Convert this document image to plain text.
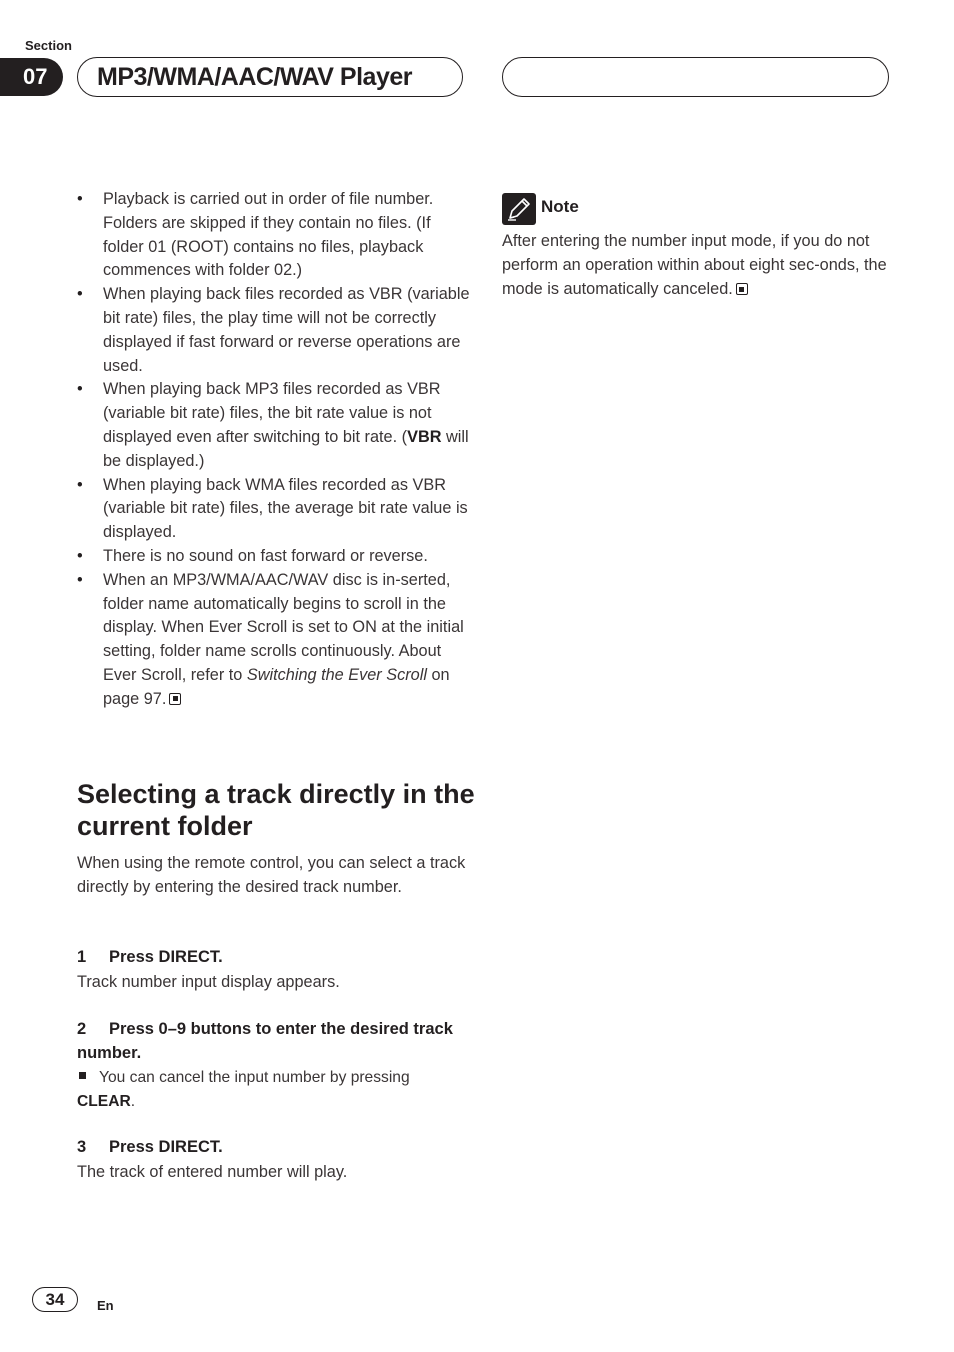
Section
07	MP3/WMA/AAC/WAV Player
• Playback is carried out in order of file number. Folders are skipped if they contain no files. (If folder 01 (ROOT) contains no files, playback commences with folder 02.)
• When playing back files recorded as VBR (variable bit rate) files, the play time will not be correctly displayed if fast forward or reverse operations are used.
• When playing back MP3 files recorded as VBR (variable bit rate) files, the bit rate value is not displayed even after switching to bit rate. (VBR will be displayed.)
• When playing back WMA files recorded as VBR (variable bit rate) files, the average bit rate value is displayed.
• There is no sound on fast forward or reverse.
• When an MP3/WMA/AAC/WAV disc is in-serted, folder name automatically begins to scroll in the display. When Ever Scroll is set to ON at the initial setting, folder name scrolls continuously. About Ever Scroll, refer to Switching the Ever Scroll on page 97.
Selecting a track directly in the current folder

When using the remote control, you can select a track directly by entering the desired track number.

1 Press DIRECT.

Track number input display appears.

2 Press 0–9 buttons to enter the desired track number.

You can cancel the input number by pressing CLEAR.

3 Press DIRECT.

The track of entered number will play.

Note

After entering the number input mode, if you do not perform an operation within about eight sec-onds, the mode is automatically canceled.

34	En
